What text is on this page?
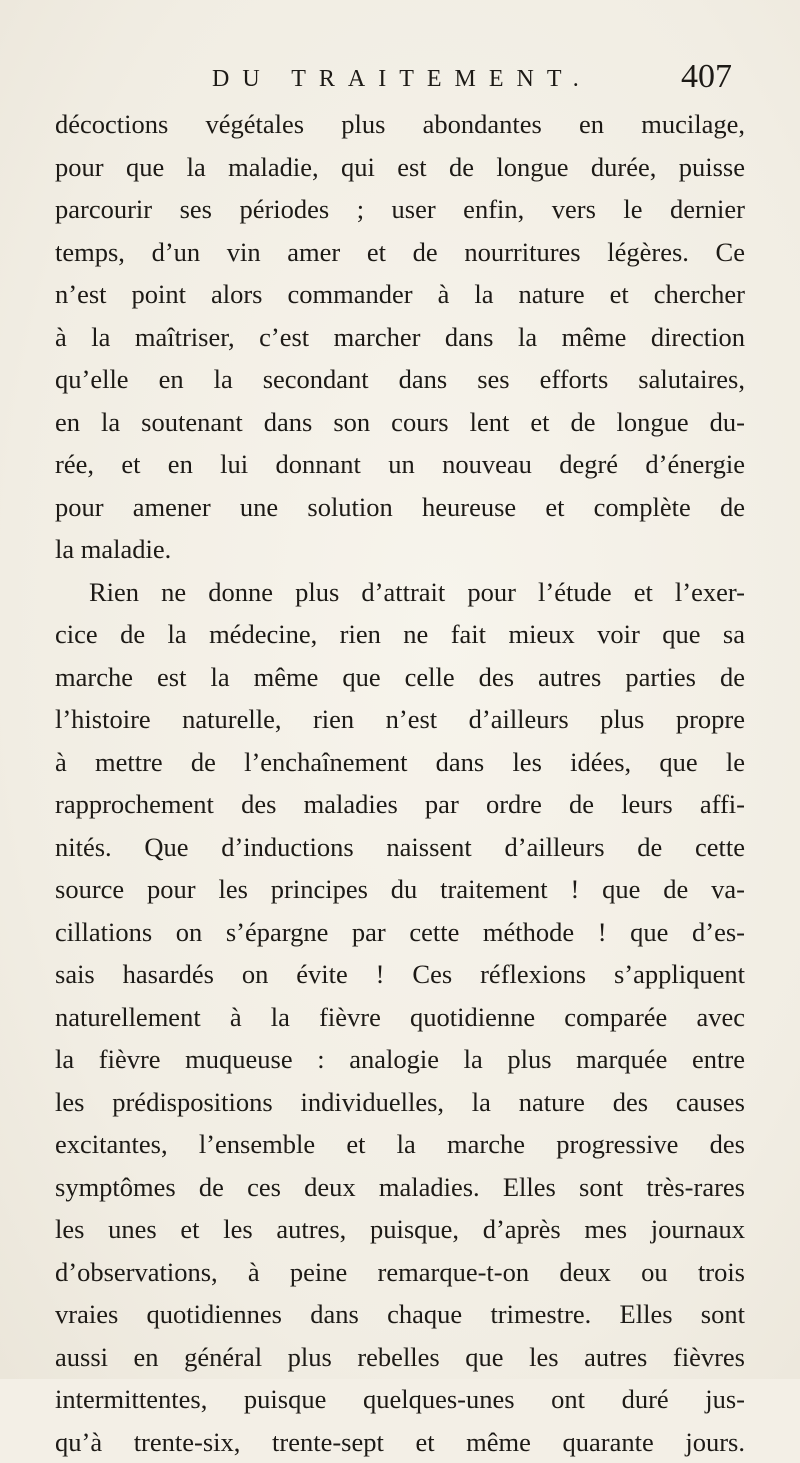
DU TRAITEMENT.	407
décoctions végétales plus abondantes en mucilage,
pour que la maladie, qui est de longue durée, puisse
parcourir ses périodes ; user enfin, vers le dernier
temps, d’un vin amer et de nourritures légères. Ce
n’est point alors commander à la nature et chercher
à la maîtriser, c’est marcher dans la même direction
qu’elle en la secondant dans ses efforts salutaires,
en la soutenant dans son cours lent et de longue du-
rée, et en lui donnant un nouveau degré d’énergie
pour amener une solution heureuse et complète de
la maladie.
Rien ne donne plus d’attrait pour l’étude et l’exer-
cice de la médecine, rien ne fait mieux voir que sa
marche est la même que celle des autres parties de
l’histoire naturelle, rien n’est d’ailleurs plus propre
à mettre de l’enchaînement dans les idées, que le
rapprochement des maladies par ordre de leurs affi-
nités. Que d’inductions naissent d’ailleurs de cette
source pour les principes du traitement ! que de va-
cillations on s’épargne par cette méthode ! que d’es-
sais hasardés on évite ! Ces réflexions s’appliquent
naturellement à la fièvre quotidienne comparée avec
la fièvre muqueuse : analogie la plus marquée entre
les prédispositions individuelles, la nature des causes
excitantes, l’ensemble et la marche progressive des
symptômes de ces deux maladies. Elles sont très-rares
les unes et les autres, puisque, d’après mes journaux
d’observations, à peine remarque-t-on deux ou trois
vraies quotidiennes dans chaque trimestre. Elles sont
aussi en général plus rebelles que les autres fièvres
intermittentes, puisque quelques-unes ont duré jus-
qu’à trente-six, trente-sept et même quarante jours.
